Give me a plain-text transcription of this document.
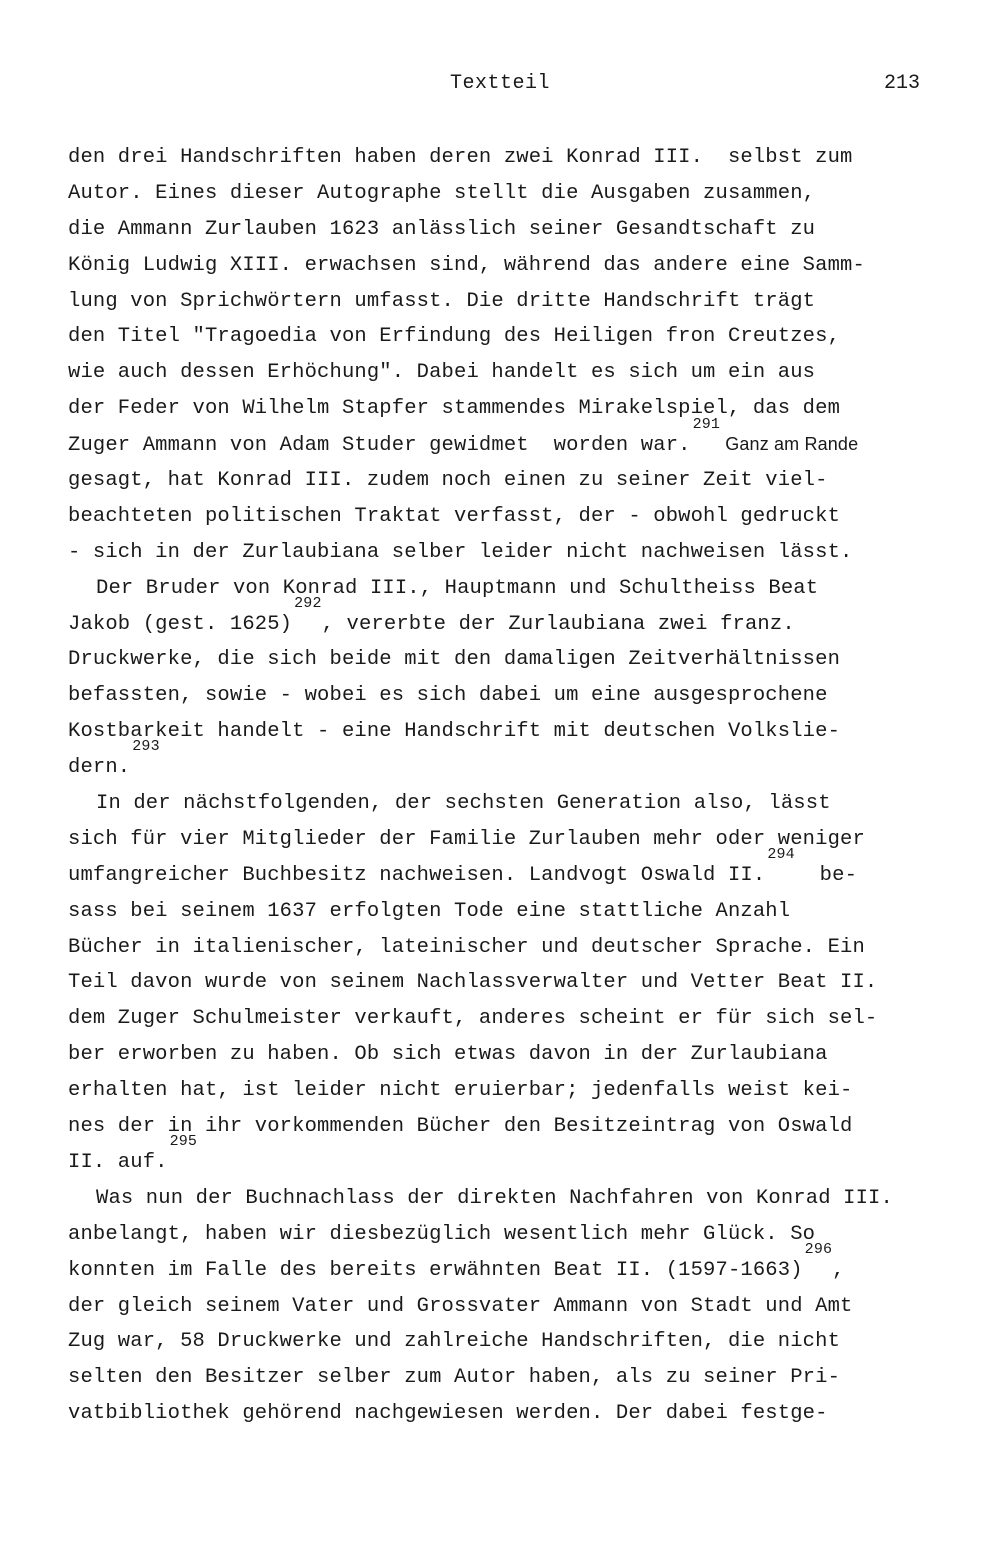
Textteil	213
den drei Handschriften haben deren zwei Konrad III.  selbst zum
Autor. Eines dieser Autographe stellt die Ausgaben zusammen,
die Ammann Zurlauben 1623 anlässlich seiner Gesandtschaft zu
König Ludwig XIII. erwachsen sind, während das andere eine Samm-
lung von Sprichwörtern umfasst. Die dritte Handschrift trägt
den Titel "Tragoedia von Erfindung des Heiligen fron Creutzes,
wie auch dessen Erhöchung". Dabei handelt es sich um ein aus
der Feder von Wilhelm Stapfer stammendes Mirakelspiel, das dem
Zuger Ammann von Adam Studer gewidmet  worden war.$^{291}$ Ganz am Rande
gesagt, hat Konrad III. zudem noch einen zu seiner Zeit viel-
beachteten politischen Traktat verfasst, der - obwohl gedruckt
- sich in der Zurlaubiana selber leider nicht nachweisen lässt.
Der Bruder von Konrad III., Hauptmann und Schultheiss Beat
Jakob (gest. 1625)$^{292}$, vererbte der Zurlaubiana zwei franz.
Druckwerke, die sich beide mit den damaligen Zeitverhältnissen
befassten, sowie - wobei es sich dabei um eine ausgesprochene
Kostbarkeit handelt - eine Handschrift mit deutschen Volkslie-
dern.$^{293}$
In der nächstfolgenden, der sechsten Generation also, lässt
sich für vier Mitglieder der Familie Zurlauben mehr oder weniger
umfangreicher Buchbesitz nachweisen. Landvogt Oswald II.$^{294}$  be-
sass bei seinem 1637 erfolgten Tode eine stattliche Anzahl
Bücher in italienischer, lateinischer und deutscher Sprache. Ein
Teil davon wurde von seinem Nachlassverwalter und Vetter Beat II.
dem Zuger Schulmeister verkauft, anderes scheint er für sich sel-
ber erworben zu haben. Ob sich etwas davon in der Zurlaubiana
erhalten hat, ist leider nicht eruierbar; jedenfalls weist kei-
nes der in ihr vorkommenden Bücher den Besitzeintrag von Oswald
II. auf.$^{295}$
Was nun der Buchnachlass der direkten Nachfahren von Konrad III.
anbelangt, haben wir diesbezüglich wesentlich mehr Glück. So
konnten im Falle des bereits erwähnten Beat II. (1597-1663)$^{296}$,
der gleich seinem Vater und Grossvater Ammann von Stadt und Amt
Zug war, 58 Druckwerke und zahlreiche Handschriften, die nicht
selten den Besitzer selber zum Autor haben, als zu seiner Pri-
vatbibliothek gehörend nachgewiesen werden. Der dabei festge-
